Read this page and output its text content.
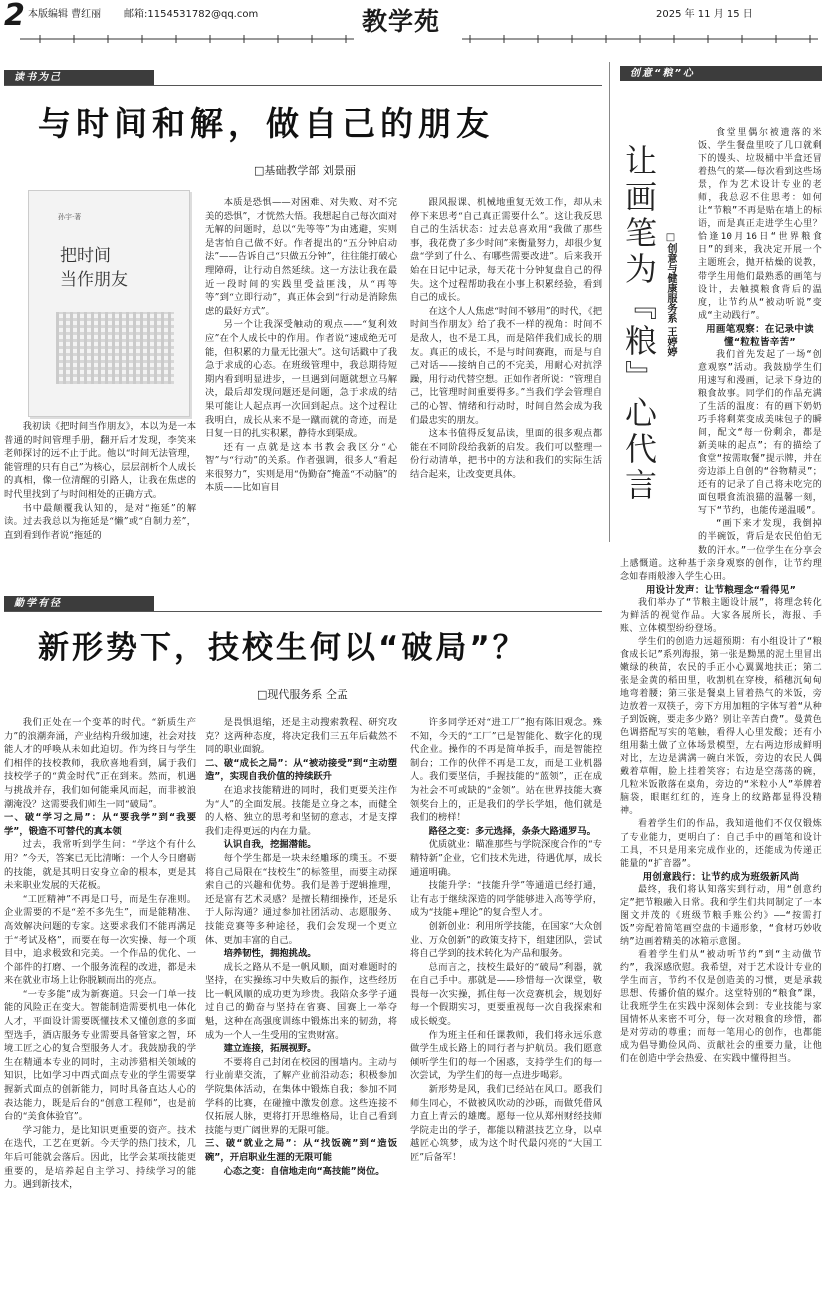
2 本版编辑 曹红丽 邮箱:1154531782@qq.com	教学苑	2025 年 11 月 15 日
读书为己
与时间和解，做自己的朋友
□基础教学部 刘景丽
孙宇·著
把时间
当作朋友

我初读《把时间当作朋友》，本以为是一本普通的时间管理手册，翻开后才发现，李笑来老师探讨的远不止于此。他以“时间无法管理，能管理的只有自己”为核心，层层剖析个人成长的真相，像一位清醒的引路人，让我在焦虑的时代里找到了与时间相处的正确方式。

书中最颠覆我认知的，是对“拖延”的解读。过去我总以为拖延是“懒”或“自制力差”，直到看到作者说“拖延的

本质是恐惧——对困难、对失败、对不完美的恐惧”，才恍然大悟。我想起自己每次面对无解的问题时，总以“先等等”为由逃避，实则是害怕自己做不好。作者提出的“五分钟启动法”——告诉自己“只做五分钟”，往往能打破心理障碍，让行动自然延续。这一方法让我在最近一段时间的实践里受益匪浅，从“再等等”到“立即行动”，真正体会到“行动是消除焦虑的最好方式”。

另一个让我深受触动的观点——“复利效应”在个人成长中的作用。作者说“速成绝无可能，但积累的力量无比强大”。这句话戳中了我急于求成的心态。在班级管理中，我总期待短期内看到明显进步，一旦遇到问题就想立马解决，最后却发现问题还是问题，急于求成的结果可能让人起点再一次回到起点。这个过程让我明白，成长从来不是一蹴而就的奇迹，而是日复一日的扎实积累，静待水到渠成。

还有一点就是这本书教会我区分“心智”与“行动”的关系。作者强调，很多人“看起来很努力”，实则是用“伪勤奋”掩盖“不动脑”的本质——比如盲目

跟风报课、机械地重复无效工作，却从未停下来思考“自己真正需要什么”。这让我反思自己的生活状态：过去总喜欢用“我做了那些事，我花费了多少时间”来衡量努力，却很少复盘“学到了什么、有哪些需要改进”。后来我开始在日记中记录，每天花十分钟复盘自己的得失。这个过程帮助我在小事上积累经验，看到自己的成长。

在这个人人焦虑“时间不够用”的时代，《把时间当作朋友》给了我不一样的视角：时间不是敌人，也不是工具，而是陪伴我们成长的朋友。真正的成长，不是与时间赛跑，而是与自己对话——接纳自己的不完美，用耐心对抗浮躁，用行动代替空想。正如作者所说：“管理自己，比管理时间重要得多。”当我们学会管理自己的心智、情绪和行动时，时间自然会成为我们最忠实的朋友。

这本书值得反复品读，里面的很多观点都能在不同阶段给我新的启发。我们可以整理一份行动清单，把书中的方法和我们的实际生活结合起来，让改变更具体。

勤学有径
新形势下，技校生何以“破局”？
□现代服务系 仝孟

我们正处在一个变革的时代。“新质生产力”的浪潮奔涌，产业结构升级加速，社会对技能人才的呼唤从未如此迫切。作为终日与学生们相伴的技校教师，我欣喜地看到，属于我们技校学子的“黄金时代”正在到来。然而，机遇与挑战并存，我们如何能乘风而起，而非被浪潮淹没？这需要我们师生一同“破局”。

一、破“学习之局”：从“要我学”到“我要学”，锻造不可替代的真本领

过去，我常听到学生问：“学这个有什么用？”今天，答案已无比清晰：一个人今日磨砺的技能，就是其明日安身立命的根本，更是其未来职业发展的天花板。

“工匠精神”不再是口号，而是生存准则。企业需要的不是“差不多先生”，而是能精准、高效解决问题的专家。这要求我们不能再满足于“考试及格”，而要在每一次实操、每一个项目中，追求极致和完美。一个作品的优化、一个部件的打磨、一个服务流程的改进，都是未来在就业市场上让你脱颖而出的亮点。

“一专多能”成为新赛道。只会一门单一技能的风险正在变大。智能制造需要机电一体化人才，平面设计需要既懂技术又懂创意的多面型选手，酒店服务专业需要具备管家之智，环境工匠之心的复合型服务人才。我鼓励我的学生在精通本专业的同时，主动涉猎相关领域的知识，比如学习中西式面点专业的学生需要掌握新式面点的创新能力，同时具备直达人心的表达能力，既是后台的“创意工程师”，也是前台的“美食体验官”。

学习能力，是比知识更重要的资产。技术在迭代，工艺在更新。今天学的热门技术，几年后可能就会落后。因此，比学会某项技能更重要的，是培养起自主学习、持续学习的能力。遇到新技术，

是畏惧退缩，还是主动搜索教程、研究攻克？这两种态度，将决定我们三五年后截然不同的职业面貌。

二、破“成长之局”：从“被动接受”到“主动塑造”，实现自我价值的持续跃升

在追求技能精进的同时，我们更要关注作为“人”的全面发展。技能是立身之本，而健全的人格、独立的思考和坚韧的意志，才是支撑我们走得更远的内在力量。

认识自我，挖掘潜能。

每个学生都是一块未经雕琢的璞玉。不要将自己局限在“技校生”的标签里，而要主动探索自己的兴趣和优势。我们是善于逻辑推理，还是富有艺术灵感？是擅长精细操作，还是乐于人际沟通？通过参加社团活动、志愿服务、技能竞赛等多种途径，我们会发现一个更立体、更加丰富的自己。

培养韧性，拥抱挑战。

成长之路从不是一帆风顺，面对难题时的坚持，在实操练习中失败后的振作，这些经历比一帆风顺的成功更为珍贵。我陪众多学子通过自己的勤奋与坚持在省赛、国赛上一举夺魁，这种在高强度训练中锻炼出来的韧劲，将成为一个人一生受用的宝贵财富。

建立连接，拓展视野。

不要将自己封闭在校园的围墙内。主动与行业前辈交流，了解产业前沿动态；积极参加学院集体活动，在集体中锻炼自我；参加不同学科的比赛，在碰撞中激发创意。这些连接不仅拓展人脉，更将打开思维格局，让自己看到技能与更广阔世界的无限可能。

三、破“就业之局”：从“找饭碗”到“造饭碗”，开启职业生涯的无限可能

心态之变：自信地走向“高技能”岗位。

许多同学还对“进工厂”抱有陈旧观念。殊不知，今天的“工厂”已是智能化、数字化的现代企业。操作的不再是简单扳手，而是智能控制台；工作的伙伴不再是工友，而是工业机器人。我们要坚信，手握技能的“蓝领”，正在成为社会不可或缺的“金领”。站在世界技能大赛领奖台上的，正是我们的学长学姐，他们就是我们的榜样！

路径之变：多元选择，条条大路通罗马。

优质就业：瞄准那些与学院深度合作的“专精特新”企业，它们技术先进，待遇优厚，成长通道明确。

技能升学：“技能升学”等通道已经打通，让有志于继续深造的同学能够进入高等学府，成为“技能+理论”的复合型人才。

创新创业：利用所学技能，在国家“大众创业、万众创新”的政策支持下，组建团队，尝试将自己学到的技术转化为产品和服务。

总而言之，技校生最好的“破局”利器，就在自己手中。那就是——珍惜每一次课堂，敬畏每一次实操，抓住每一次竞赛机会，规划好每一个假期实习，更要重视每一次自我探索和成长蜕变。

作为班主任和任课教师，我们将永远乐意做学生成长路上的同行者与护航员。我们愿意倾听学生们的每一个困惑，支持学生们的每一次尝试，为学生们的每一点进步喝彩。

新形势是风，我们已经站在风口。愿我们师生同心，不做被风吹动的沙砾，而做凭借风力直上青云的雄鹰。愿每一位从郑州财经技师学院走出的学子，都能以精湛技艺立身，以卓越匠心筑梦，成为这个时代最闪亮的“大国工匠”后备军！

创意“粮”心
让画笔为『粮』心代言 □创意与健康服务系 王婷婷

食堂里偶尔被遗落的米饭、学生餐盘里咬了几口就剩下的馒头、垃圾桶中半盒还冒着热气的菜——每次看到这些场景，作为艺术设计专业的老师，我总忍不住思考：如何让“节粮”不再是贴在墙上的标语，而是真正走进学生心里？恰逢10月16日“世界粮食日”的到来，我决定开展一个主题班会，抛开枯燥的说教，带学生用他们最熟悉的画笔与设计，去触摸粮食背后的温度，让节约从“被动听说”变成“主动践行”。

用画笔观察：在记录中读懂“粒粒皆辛苦”

我们首先发起了一场“创意观察”活动。我鼓励学生们用速写和漫画，记录下身边的粮食故事。同学们的作品充满了生活的温度：有的画下奶奶巧手将剩菜变成美味包子的瞬间，配文“每一份剩余，都是新美味的起点”；有的描绘了食堂“按需取餐”提示牌，并在旁边添上自创的“谷物精灵”；还有的记录了自己将未吃完的面包喂食流浪猫的温馨一刻，写下“节约，也能传递温暖”。

“画下来才发现，我倒掉的半碗饭，背后是农民伯伯无数的汗水。”一位学生在分享会上感慨道。这种基于亲身观察的创作，让节约理念如春雨般渗入学生心田。

用设计发声：让节粮理念“看得见”

我们举办了“节粮主题设计展”，将理念转化为鲜活的视觉作品。大家各展所长，海报、手账、立体模型纷纷登场。

学生们的创造力远超预期：有小组设计了“粮食成长记”系列海报，第一张是黝黑的泥土里冒出嫩绿的秧苗，农民的手正小心翼翼地扶正；第二张是金黄的稻田里，收割机在穿梭，稻穗沉甸甸地弯着腰；第三张是餐桌上冒着热气的米饭，旁边放着一双筷子，旁下方用加粗的字体写着“从种子到饭碗，要走多少路？别让辛苦白费”。曼黄色色调搭配写实的笔触，看得人心里发酸；还有小组用黏土做了立体场景模型，左右两边形成鲜明对比，左边是满满一碗白米饭，旁边的农民人偶戴着草帽，脸上挂着笑容；右边是空荡荡的碗，几粒米饭散落在桌角，旁边的“米粒小人”举牌着脑袋，眼眶红红的，连身上的纹路都显得没精神。

看着学生们的作品，我知道他们不仅仅锻炼了专业能力，更明白了：自己手中的画笔和设计工具，不只是用来完成作业的，还能成为传递正能量的“扩音器”。

用创意践行：让节约成为班级新风尚

最终，我们将认知落实到行动，用“创意约定”把节粮融入日常。我和学生们共同制定了一本图文并茂的《班级节粮手账公约》——“按需打饭”旁配着简笔画空盘的卡通形象，“食材巧妙收纳”边画着精美的冰箱示意图。

看着学生们从“被动听节约”到“主动做节约”，我深感欣慰。我希望，对于艺术设计专业的学生而言，节约不仅是创造美的习惯，更是承载思想、传播价值的媒介。这堂特别的“粮食”课，让我班学生在实践中深刻体会到：专业技能与家国情怀从来密不可分，每一次对粮食的珍惜，都是对劳动的尊重；而每一笔用心的创作，也都能成为倡导勤俭风尚、贡献社会的重要力量，让他们在创造中学会热爱、在实践中懂得担当。
